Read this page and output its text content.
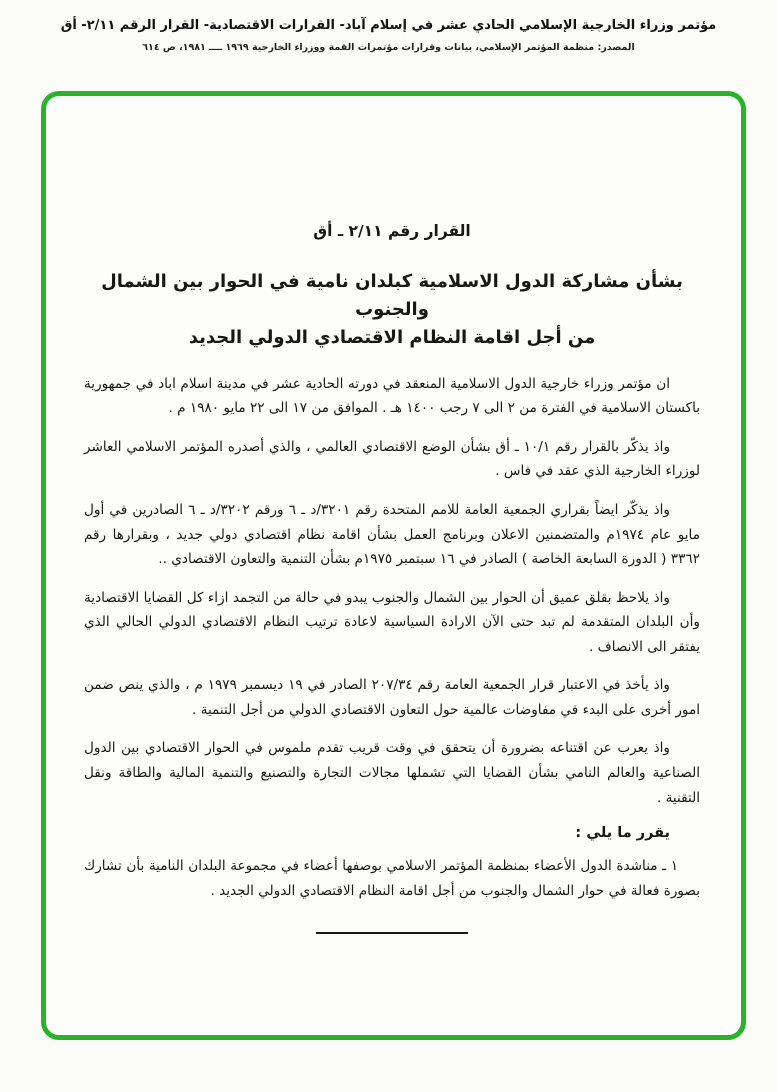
مؤتمر وزراء الخارجية الإسلامي الحادي عشر في إسلام آباد- القرارات الاقتصادية- القرار الرقم ٢/١١- أق
المصدر: منظمة المؤتمر الإسلامي، بيانات وقرارات مؤتمرات القمة ووزراء الخارجية ١٩٦٩ ــــ ١٩٨١، ص ٦١٤
القرار رقم ٢/١١ ـ أق
بشأن مشاركة الدول الاسلامية كبلدان نامية في الحوار بين الشمال والجنوب
من أجل اقامة النظام الاقتصادي الدولي الجديد

ان مؤتمر وزراء خارجية الدول الاسلامية المنعقد في دورته الحادية عشر في مدينة اسلام اباد في جمهورية باكستان الاسلامية في الفترة من ٢ الى ٧ رجب ١٤٠٠ هـ . الموافق من ١٧ الى ٢٢ مايو ١٩٨٠ م .

واذ يذكّر بالقرار رقم ١٠/١ ـ أق بشأن الوضع الاقتصادي العالمي ، والذي أصدره المؤتمر الاسلامي العاشر لوزراء الخارجية الذي عقد في فاس .

واذ يذكّر ايضاً بقراري الجمعية العامة للامم المتحدة رقم ٣٢٠١/د ـ ٦ ورقم ٣٢٠٢/د ـ ٦ الصادرين في أول مايو عام ١٩٧٤م والمتضمنين الاعلان وبرنامج العمل بشأن اقامة نظام اقتصادي دولي جديد ، وبقرارها رقم ٣٣٦٢ ( الدورة السابعة الخاصة ) الصادر في ١٦ سبتمبر ١٩٧٥م بشأن التنمية والتعاون الاقتصادي ..

واذ يلاحظ بقلق عميق أن الحوار بين الشمال والجنوب يبدو في حالة من التجمد ازاء كل القضايا الاقتصادية وأن البلدان المتقدمة لم تبد حتى الآن الارادة السياسية لاعادة ترتيب النظام الاقتصادي الدولي الحالي الذي يفتقر الى الانصاف .

واذ يأخذ في الاعتبار قرار الجمعية العامة رقم ٢٠٧/٣٤ الصادر في ١٩ ديسمبر ١٩٧٩ م ، والذي ينص ضمن امور أخرى على البدء في مفاوضات عالمية حول التعاون الاقتصادي الدولي من أجل التنمية .

واذ يعرب عن اقتناعه بضرورة أن يتحقق في وقت قريب تقدم ملموس في الحوار الاقتصادي بين الدول الصناعية والعالم النامي بشأن القضايا التي تشملها مجالات التجارة والتصنيع والتنمية المالية والطاقة ونقل التقنية .

يقرر ما يلي :

١ ـ مناشدة الدول الأعضاء بمنظمة المؤتمر الاسلامي بوصفها أعضاء في مجموعة البلدان النامية بأن تشارك بصورة فعالة في حوار الشمال والجنوب من أجل اقامة النظام الاقتصادي الدولي الجديد .
